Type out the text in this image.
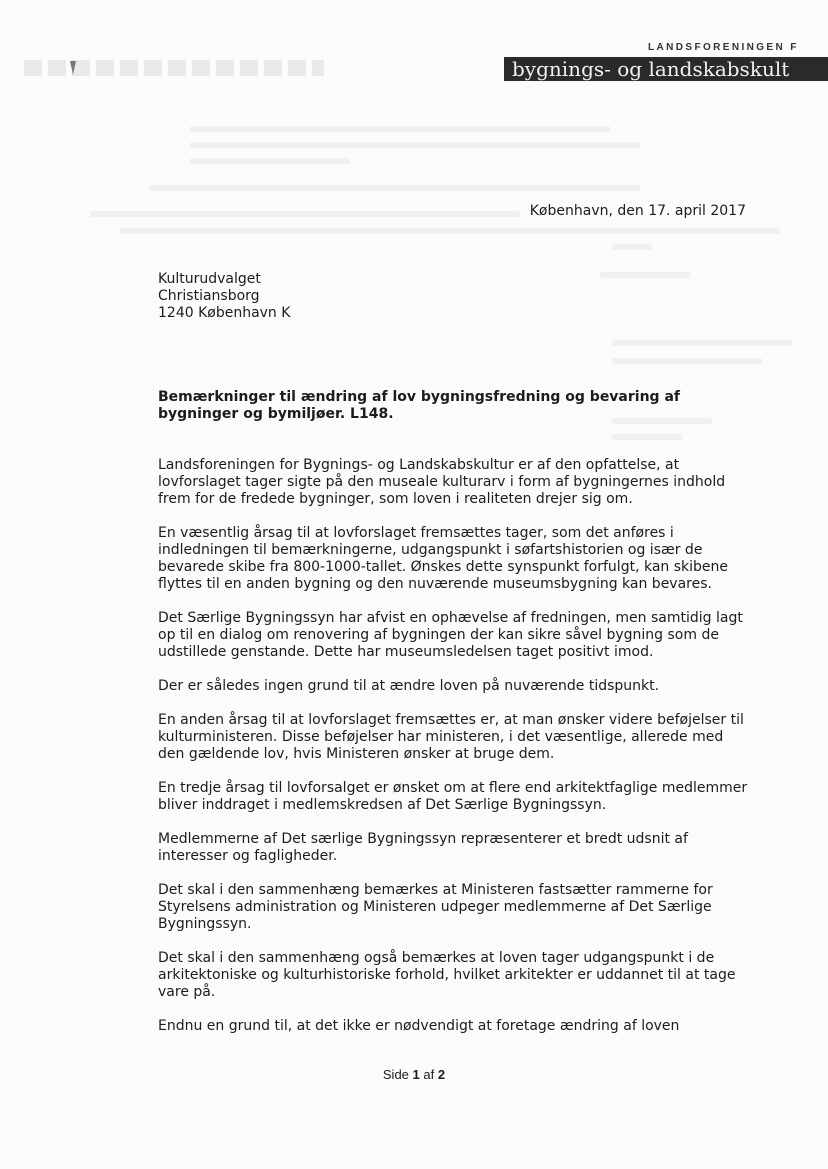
LANDSFORENINGEN F
bygnings- og landskabskult
København, den 17. april 2017
Kulturudvalget
Christiansborg
1240 København K
Bemærkninger til ændring af lov bygningsfredning og bevaring af
bygninger og bymiljøer. L148.
Landsforeningen for Bygnings- og Landskabskultur er af den opfattelse, at
lovforslaget tager sigte på den museale kulturarv i form af bygningernes indhold
frem for de fredede bygninger, som loven i realiteten drejer sig om.
En væsentlig årsag til at lovforslaget fremsættes tager, som det anføres i
indledningen til bemærkningerne, udgangspunkt i søfartshistorien og især de
bevarede skibe fra 800-1000-tallet. Ønskes dette synspunkt forfulgt, kan skibene
flyttes til en anden bygning og den nuværende museumsbygning kan bevares.
Det Særlige Bygningssyn har afvist en ophævelse af fredningen, men samtidig lagt
op til en dialog om renovering af bygningen der kan sikre såvel bygning som de
udstillede genstande. Dette har museumsledelsen taget positivt imod.
Der er således ingen grund til at ændre loven på nuværende tidspunkt.
En anden årsag til at lovforslaget fremsættes er, at man ønsker videre beføjelser til
kulturministeren. Disse beføjelser har ministeren, i det væsentlige, allerede med
den gældende lov, hvis Ministeren ønsker at bruge dem.
En tredje årsag til lovforsalget er ønsket om at flere end arkitektfaglige medlemmer
bliver inddraget i medlemskredsen af Det Særlige Bygningssyn.
Medlemmerne af Det særlige Bygningssyn repræsenterer et bredt udsnit af
interesser og fagligheder.
Det skal i den sammenhæng bemærkes at Ministeren fastsætter rammerne for
Styrelsens administration og Ministeren udpeger medlemmerne af Det Særlige
Bygningssyn.
Det skal i den sammenhæng også bemærkes at loven tager udgangspunkt i de
arkitektoniske og kulturhistoriske forhold, hvilket arkitekter er uddannet til at tage
vare på.
Endnu en grund til, at det ikke er nødvendigt at foretage ændring af loven
Side 1 af 2
